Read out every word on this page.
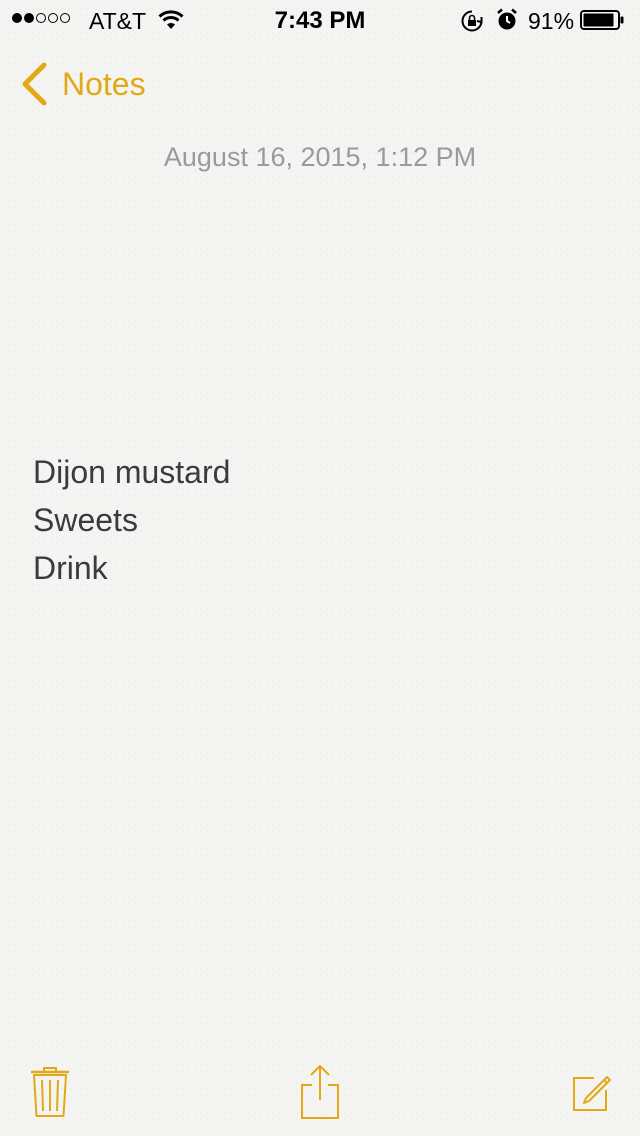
AT&T	7:43 PM	91%
Notes
August 16, 2015, 1:12 PM
Dijon mustard
Sweets
Drink
